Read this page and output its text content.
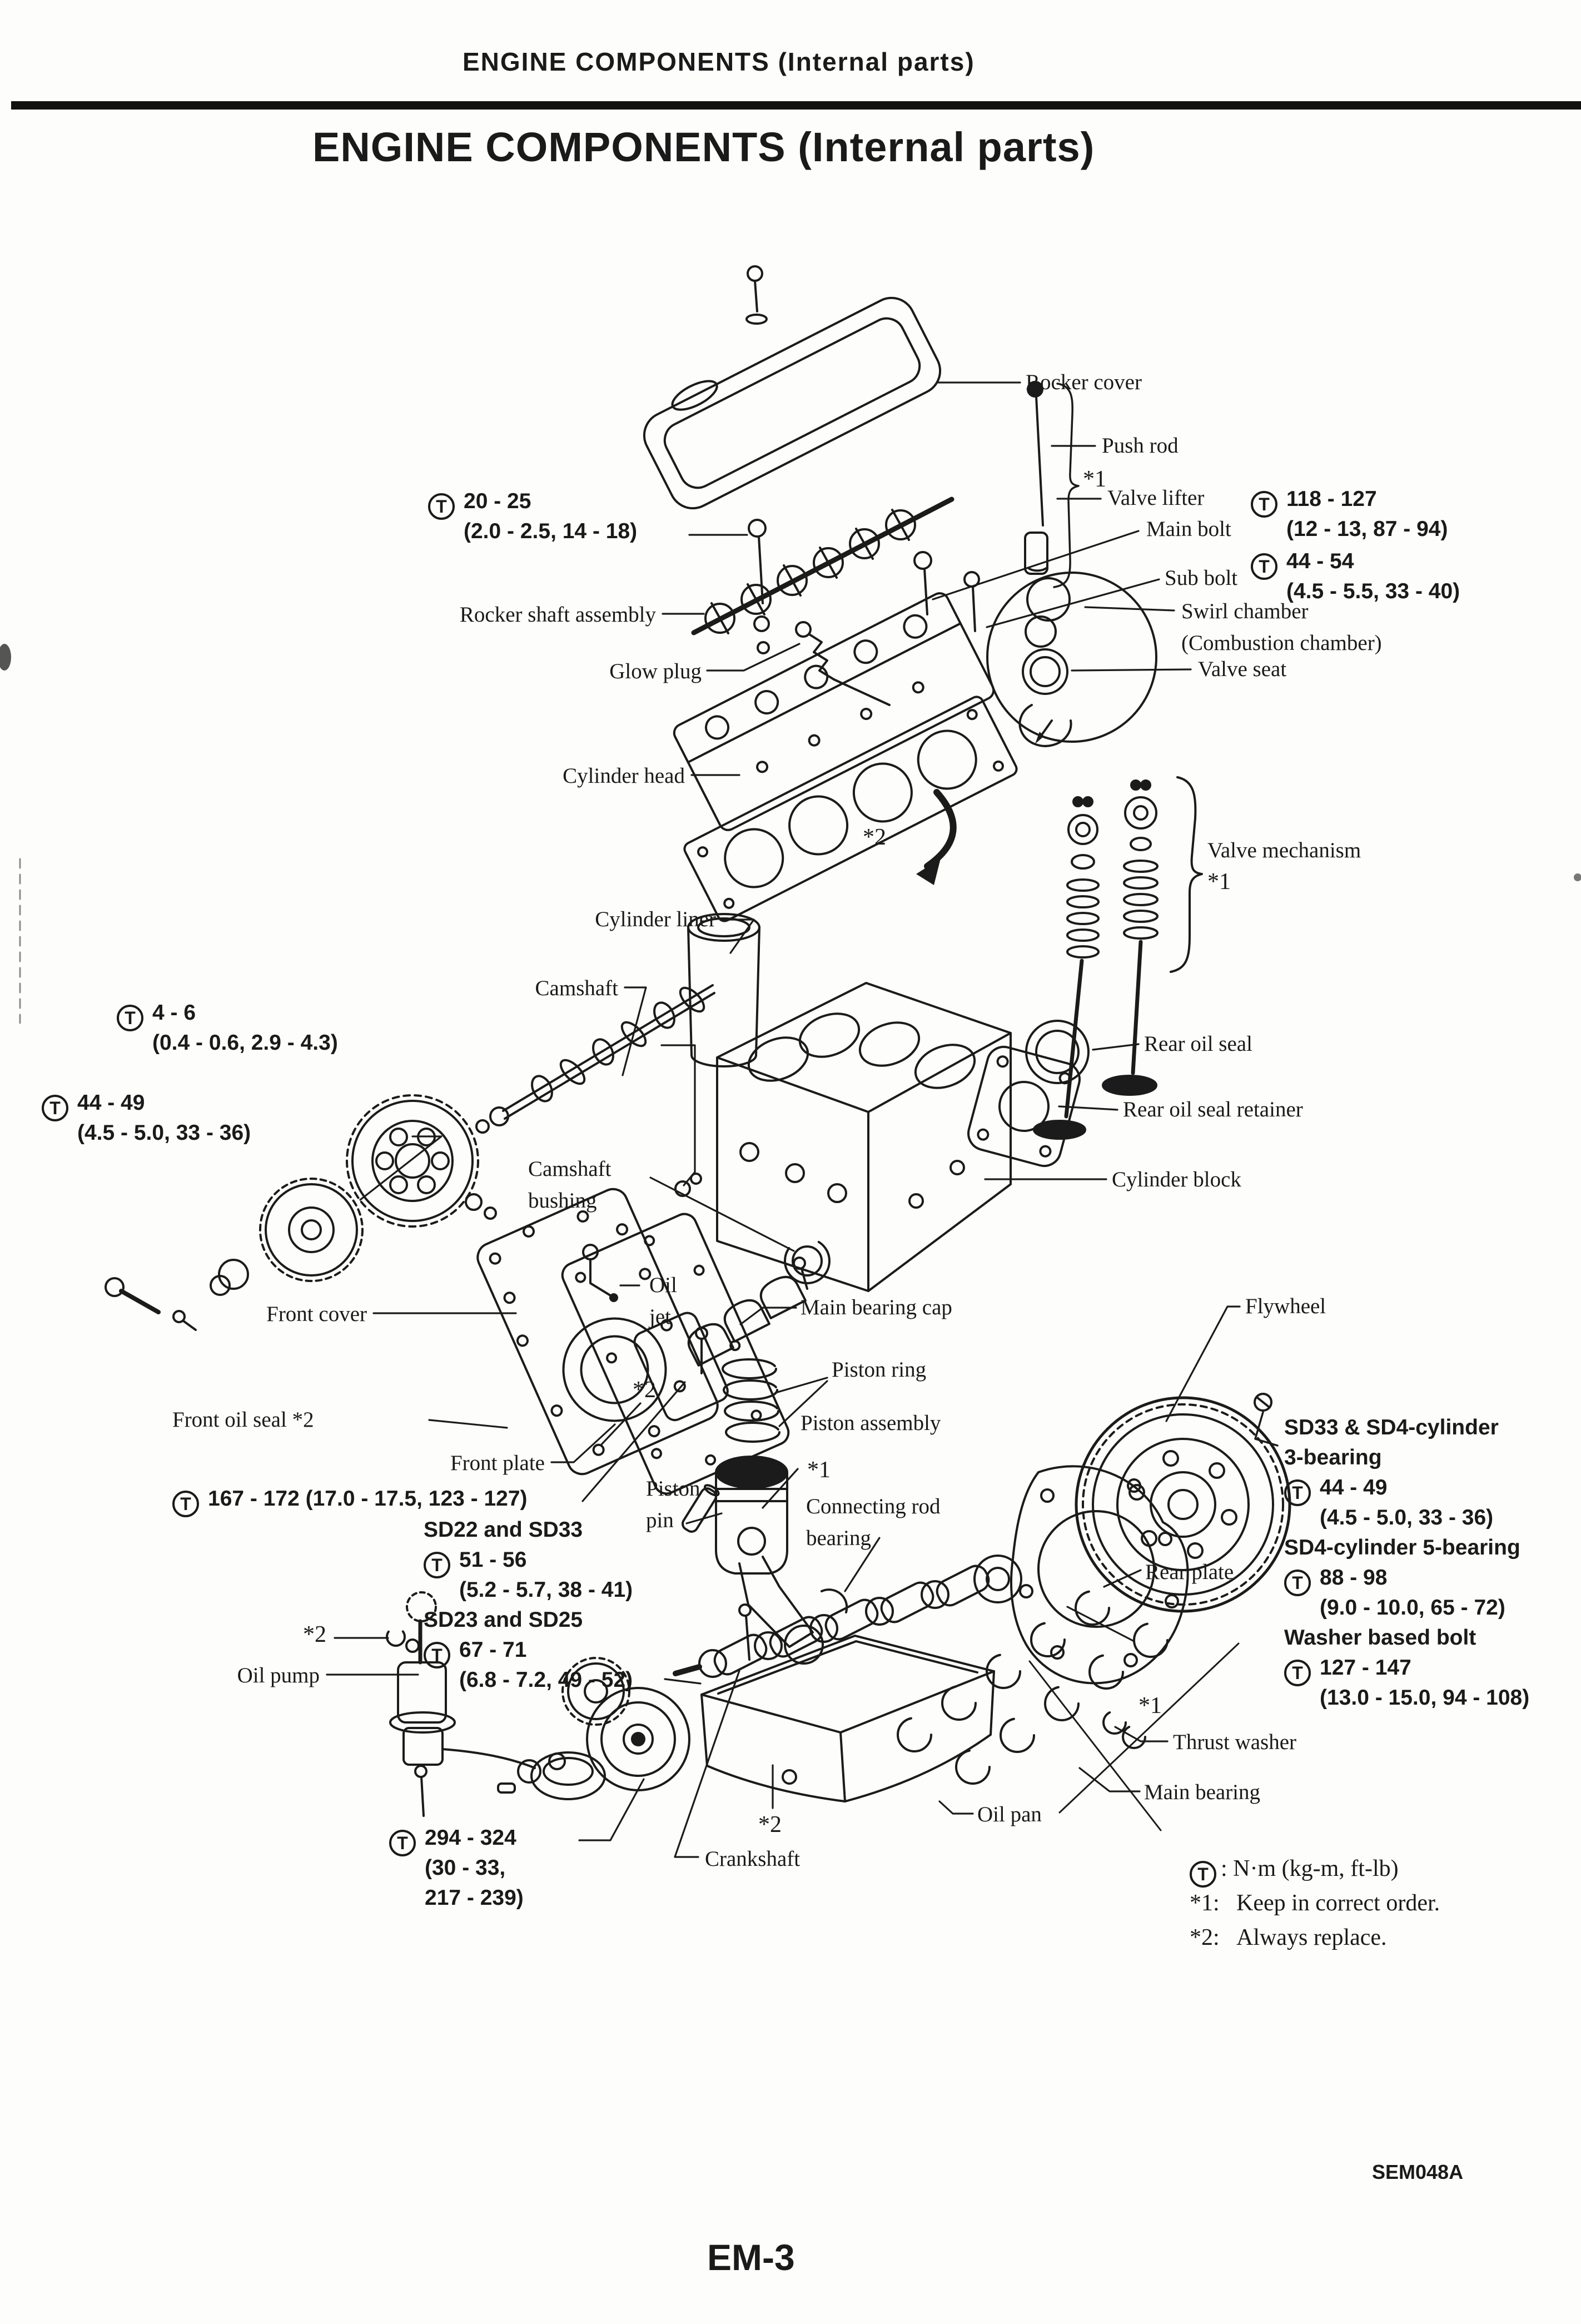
ENGINE COMPONENTS (Internal parts)
ENGINE COMPONENTS (Internal parts)
Rocker cover
Push rod
*1
Valve lifter	T 118 - 127
(12 - 13, 87 - 94)
Main bolt
T 44 - 54
(4.5 - 5.5, 33 - 40)
Sub bolt
Swirl chamber
(Combustion chamber)
Valve seat
Valve mechanism
*1
Rear oil seal
Rear oil seal retainer
Cylinder block
Flywheel
SD33 & SD4-cylinder
3-bearing
T 44 - 49
(4.5 - 5.0, 33 - 36)
SD4-cylinder 5-bearing
T 88 - 98
(9.0 - 10.0, 65 - 72)
Washer based bolt
T 127 - 147
(13.0 - 15.0, 94 - 108)
Rear plate
*1
Thrust washer
Main bearing
Oil pan
T 20 - 25
(2.0 - 2.5, 14 - 18)
Rocker shaft assembly
Glow plug
Cylinder head
*2
Cylinder liner
Camshaft
T 4 - 6
(0.4 - 0.6, 2.9 - 4.3)
T 44 - 49
(4.5 - 5.0, 33 - 36)
Camshaft
bushing
Oil
jet
Front cover	Main bearing cap
*2
Front oil seal *2
Piston ring
Front plate
Piston assembly
*1
Piston
pin
Connecting rod
bearing
T 167 - 172 (17.0 - 17.5, 123 - 127)
SD22 and SD33
T 51 - 56
(5.2 - 5.7, 38 - 41)
SD23 and SD25
T 67 - 71
(6.8 - 7.2, 49 - 52)
*2
Oil pump
T 294 - 324
(30 - 33,
217 - 239)
*2
Crankshaft
T : N·m (kg-m, ft-lb)
*1: Keep in correct order.
*2: Always replace.
SEM048A
EM-3
